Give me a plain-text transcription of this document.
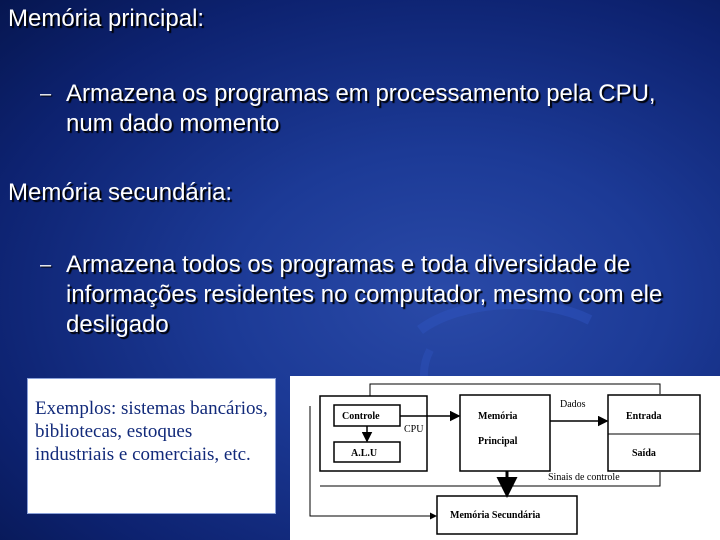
Memória principal:
– Armazena os programas em processamento pela CPU, num dado momento
Memória secundária:
– Armazena todos os programas e toda diversidade de informações residentes no computador, mesmo com ele desligado
Exemplos: sistemas bancários, bibliotecas, estoques industriais e comerciais, etc.
Controle
A.L.U
CPU
Memória
Principal
Dados
Entrada
Saída
Sinais de controle
Memória Secundária
